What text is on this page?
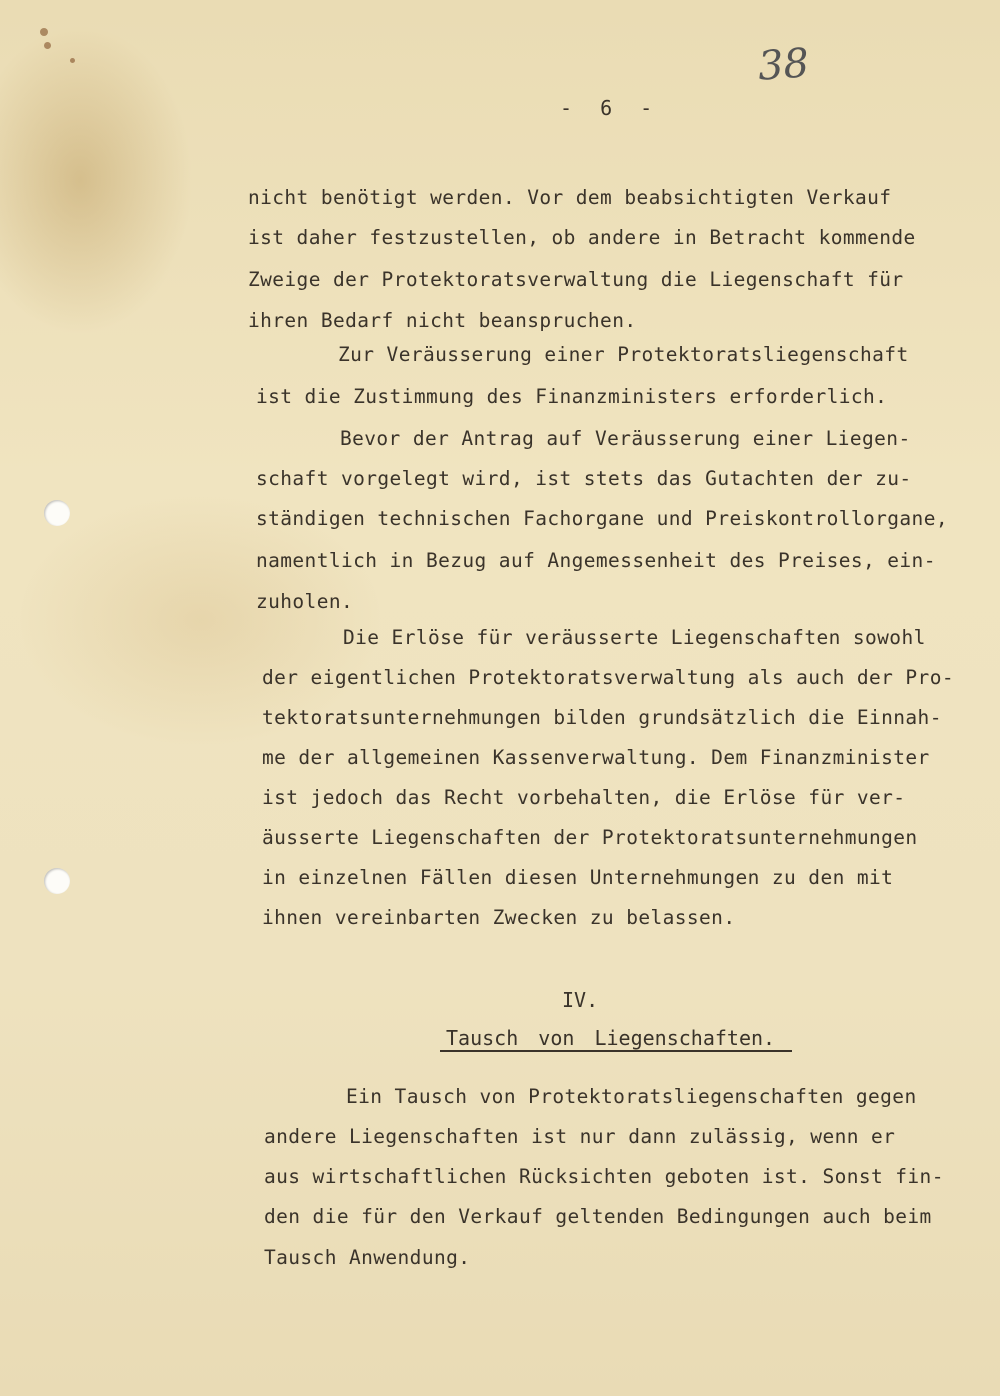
38
- 6 -
nicht benötigt werden. Vor dem beabsichtigten Verkauf
ist daher festzustellen, ob andere in Betracht kommende
Zweige der Protektoratsverwaltung die Liegenschaft für
ihren Bedarf nicht beanspruchen.
Zur Veräusserung einer Protektoratsliegenschaft
ist die Zustimmung des Finanzministers erforderlich.
Bevor der Antrag auf Veräusserung einer Liegen-
schaft vorgelegt wird, ist stets das Gutachten der zu-
ständigen technischen Fachorgane und Preiskontrollorgane,
namentlich in Bezug auf Angemessenheit des Preises, ein-
zuholen.
Die Erlöse für veräusserte Liegenschaften sowohl
der eigentlichen Protektoratsverwaltung als auch der Pro-
tektoratsunternehmungen bilden grundsätzlich die Einnah-
me der allgemeinen Kassenverwaltung. Dem Finanzminister
ist jedoch das Recht vorbehalten, die Erlöse für ver-
äusserte Liegenschaften der Protektoratsunternehmungen
in einzelnen Fällen diesen Unternehmungen zu den mit
ihnen vereinbarten Zwecken zu belassen.
IV.
Tausch von Liegenschaften.
Ein Tausch von Protektoratsliegenschaften gegen
andere Liegenschaften ist nur dann zulässig, wenn er
aus wirtschaftlichen Rücksichten geboten ist. Sonst fin-
den die für den Verkauf geltenden Bedingungen auch beim
Tausch Anwendung.
